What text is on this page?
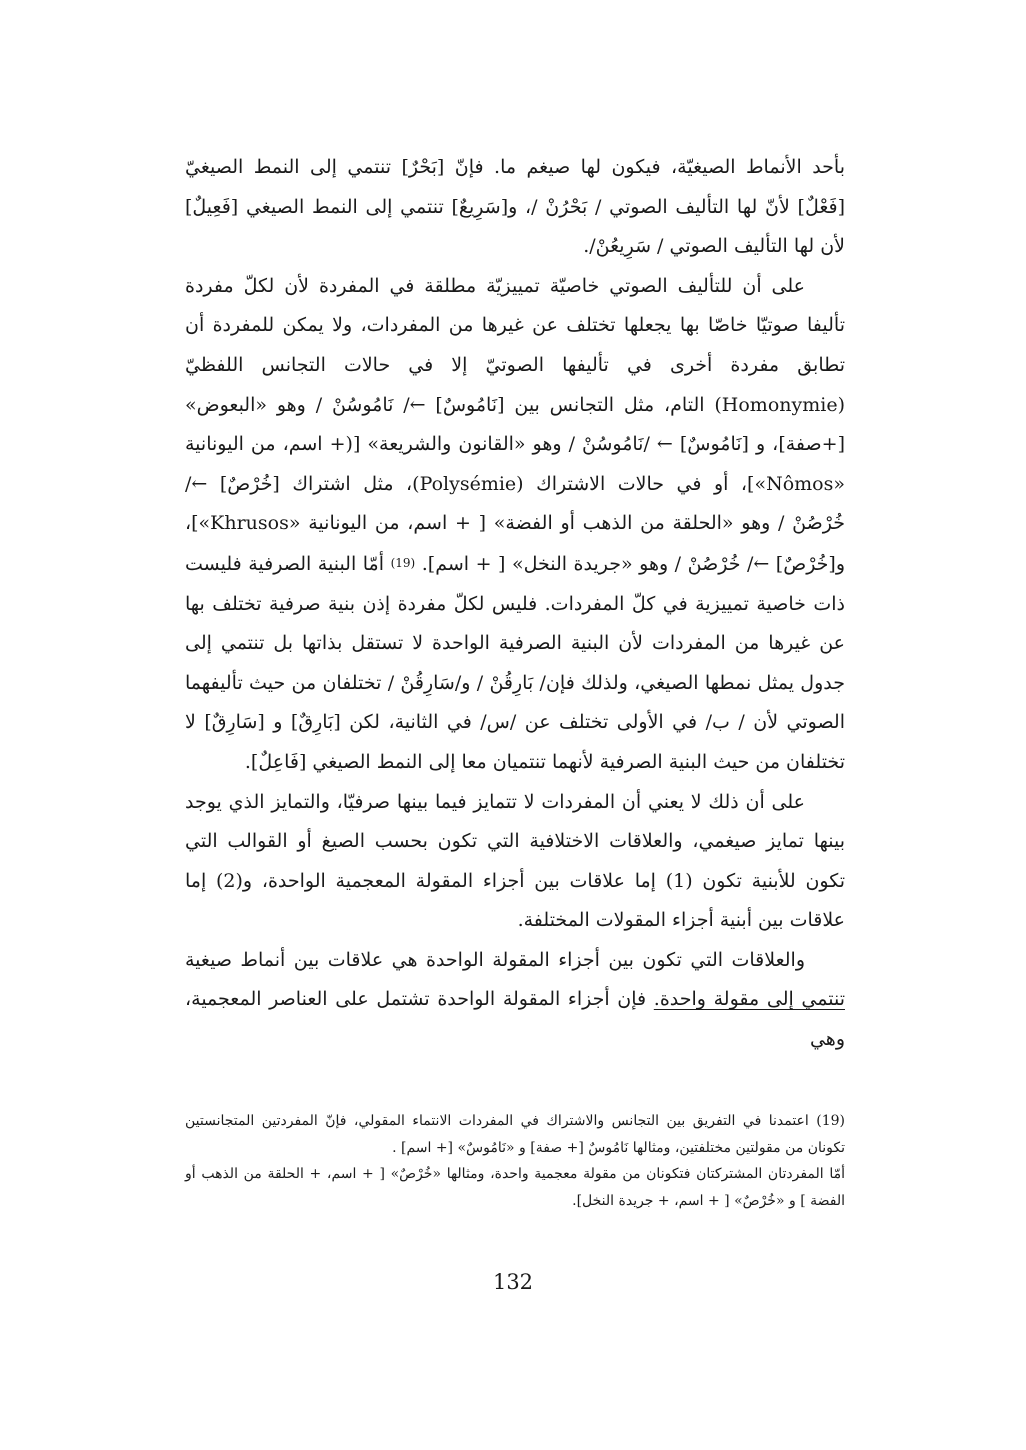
بأحد الأنماط الصيغيّة، فيكون لها صيغم ما. فإنّ [بَحْرٌ] تنتمي إلى النمط الصيغيّ [فَعْلٌ] لأنّ لها التأليف الصوتي / بَحْرُنْ /، و[سَرِيعٌ] تنتمي إلى النمط الصيغي [فَعِيلٌ] لأن لها التأليف الصوتي / سَرِيعُنْ/.

على أن للتأليف الصوتي خاصيّة تمييزيّة مطلقة في المفردة لأن لكلّ مفردة تأليفا صوتيّا خاصّا بها يجعلها تختلف عن غيرها من المفردات، ولا يمكن للمفردة أن تطابق مفردة أخرى في تأليفها الصوتيّ إلا في حالات التجانس اللفظيّ (Homonymie) التام، مثل التجانس بين [نَامُوسٌ] ←/ نَامُوسُنْ / وهو «البعوض» [+صفة]، و [نَامُوسٌ] ← /نَامُوسُنْ / وهو «القانون والشريعة» [(+ اسم، من اليونانية «Nômos»]، أو في حالات الاشتراك (Polysémie)، مثل اشتراك [خُرْصٌ] ←/ خُرْصُنْ / وهو «الحلقة من الذهب أو الفضة» [ + اسم، من اليونانية «Khrusos»]، و[خُرْصٌ] ←/ خُرْصُنْ / وهو «جريدة النخل» [ + اسم]. (19) أمّا البنية الصرفية فليست ذات خاصية تمييزية في كلّ المفردات. فليس لكلّ مفردة إذن بنية صرفية تختلف بها عن غيرها من المفردات لأن البنية الصرفية الواحدة لا تستقل بذاتها بل تنتمي إلى جدول يمثل نمطها الصيغي، ولذلك فإن/ بَارِقُنْ / و/سَارِقُنْ / تختلفان من حيث تأليفهما الصوتي لأن / ب/ في الأولى تختلف عن /س/ في الثانية، لكن [بَارِقٌ] و [سَارِقٌ] لا تختلفان من حيث البنية الصرفية لأنهما تنتميان معا إلى النمط الصيغي [فَاعِلٌ].

على أن ذلك لا يعني أن المفردات لا تتمايز فيما بينها صرفيّا، والتمايز الذي يوجد بينها تمايز صيغمي، والعلاقات الاختلافية التي تكون بحسب الصيغ أو القوالب التي تكون للأبنية تكون (1) إما علاقات بين أجزاء المقولة المعجمية الواحدة، و(2) إما علاقات بين أبنية أجزاء المقولات المختلفة.

والعلاقات التي تكون بين أجزاء المقولة الواحدة هي علاقات بين أنماط صيغية تنتمي إلى مقولة واحدة. فإن أجزاء المقولة الواحدة تشتمل على العناصر المعجمية، وهي

(19) اعتمدنا في التفريق بين التجانس والاشتراك في المفردات الانتماء المقولي، فإنّ المفردتين المتجانستين تكونان من مقولتين مختلفتين، ومثالها نَامُوسٌ [+ صفة] و «نَامُوسٌ» [+ اسم] .

أمّا المفردتان المشتركتان فتكونان من مقولة معجمية واحدة، ومثالها «خُرْصٌ» [ + اسم، + الحلقة من الذهب أو الفضة ] و «خُرْصٌ» [ + اسم، + جريدة النخل].

132
